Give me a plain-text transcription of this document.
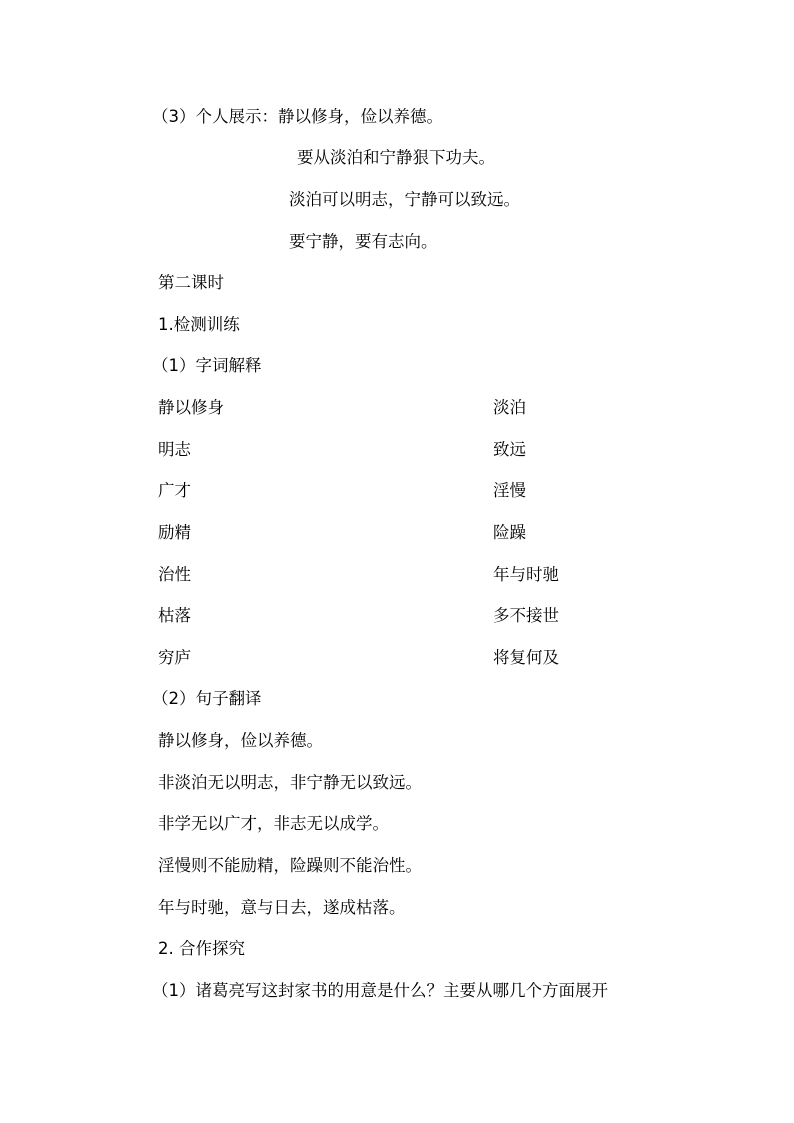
（3）个人展示：静以修身，俭以养德。
要从淡泊和宁静狠下功夫。
淡泊可以明志，宁静可以致远。
要宁静，要有志向。
第二课时
1.检测训练
（1）字词解释
静以修身	淡泊
明志	致远
广才	淫慢
励精	险躁
治性	年与时驰
枯落	多不接世
穷庐	将复何及
（2）句子翻译
静以修身，俭以养德。
非淡泊无以明志，非宁静无以致远。
非学无以广才，非志无以成学。
淫慢则不能励精，险躁则不能治性。
年与时驰，意与日去，遂成枯落。
2. 合作探究
（1）诸葛亮写这封家书的用意是什么？主要从哪几个方面展开
